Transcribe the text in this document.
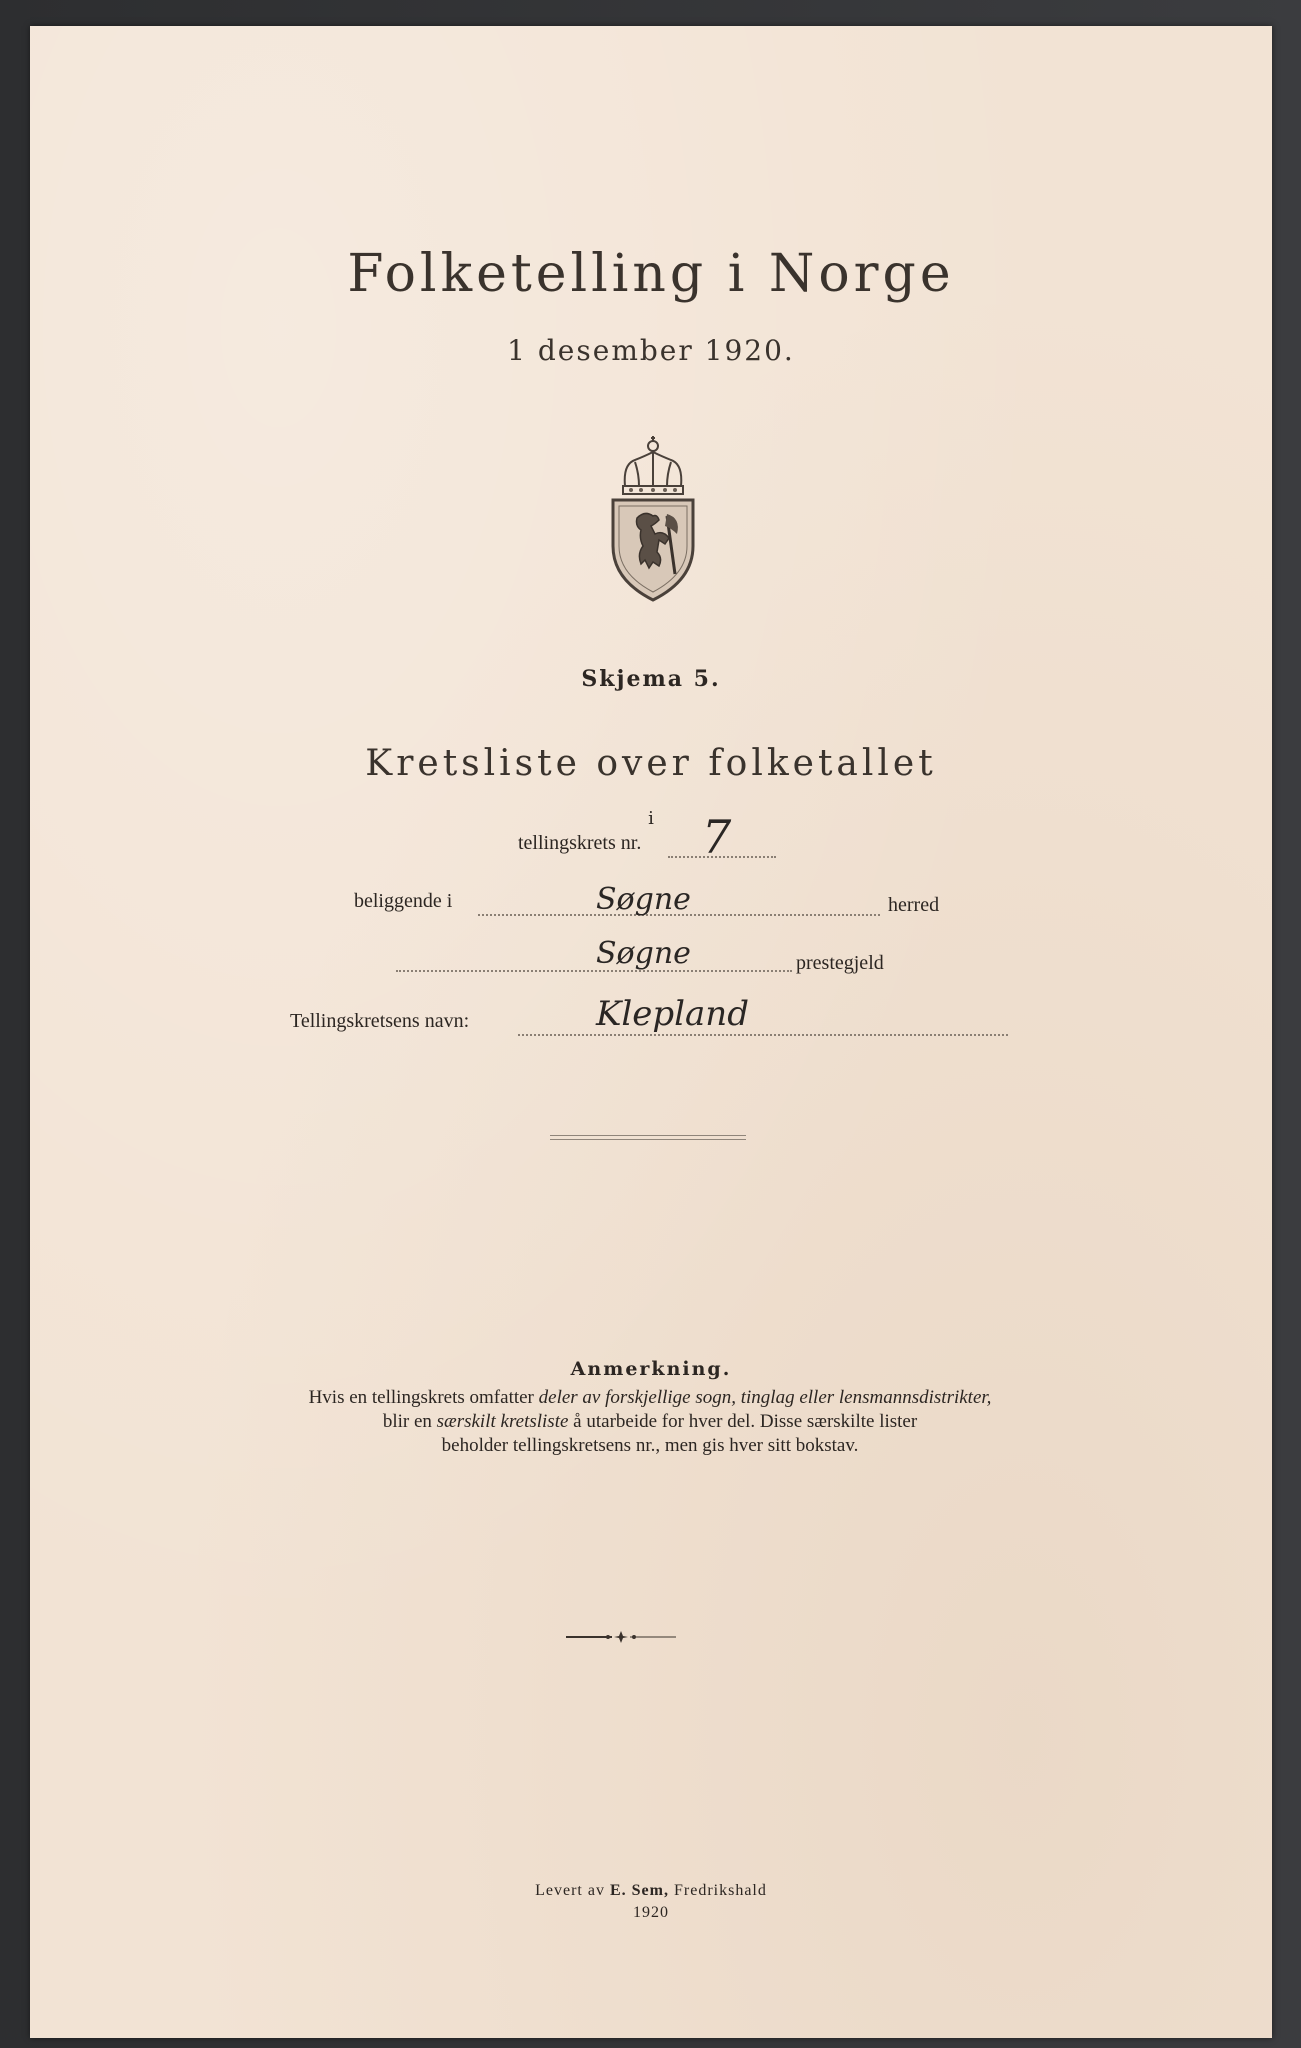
Folketelling i Norge
1 desember 1920.
Skjema 5.
Kretsliste over folketallet
i
tellingskrets nr. 7
beliggende i	Søgne	herred
Søgne	prestegjeld
Tellingskretsens navn:	Klepland
Anmerkning.
Hvis en tellingskrets omfatter deler av forskjellige sogn, tinglag eller lensmannsdistrikter,
blir en særskilt kretsliste å utarbeide for hver del. Disse særskilte lister
beholder tellingskretsens nr., men gis hver sitt bokstav.
Levert av E. Sem, Fredrikshald
1920
